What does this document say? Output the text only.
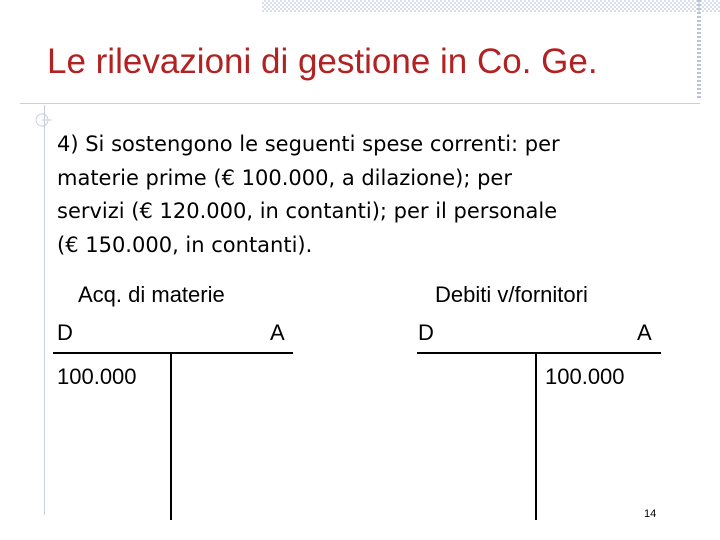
Le rilevazioni di gestione in Co. Ge.

4) Si sostengono le seguenti spese correnti: per
materie prime (€ 100.000, a dilazione); per
servizi (€ 120.000, in contanti); per il personale
(€ 150.000, in contanti).

Acq. di materie
D	A
100.000
Debiti v/fornitori
D	A
100.000
14
